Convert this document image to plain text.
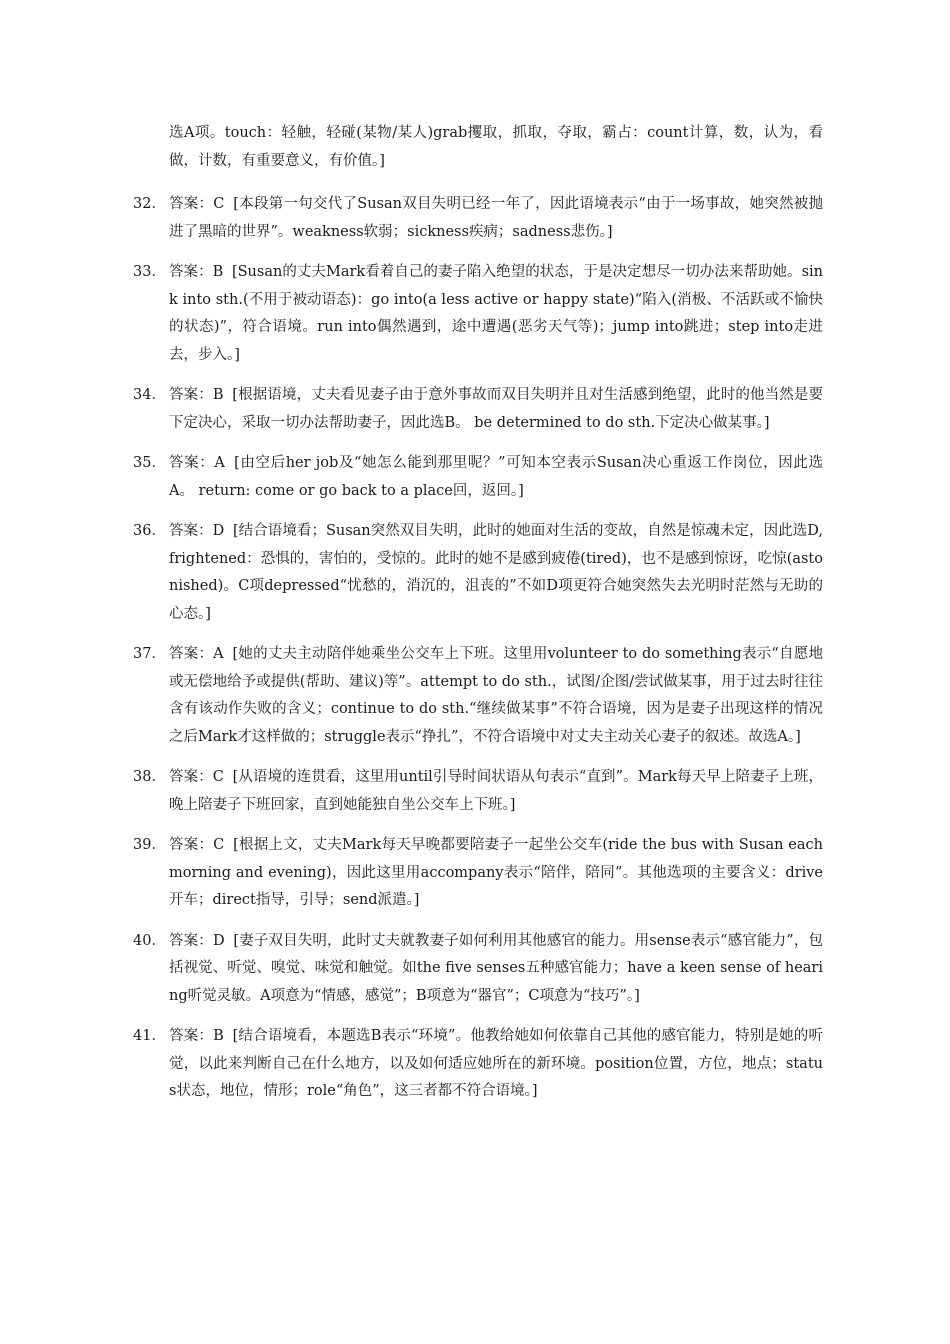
选A项。touch：轻触，轻碰(某物/某人)grab攫取，抓取，夺取，霸占：count计算，数，认为，看做，计数，有重要意义，有价值。]
32． 答案：C [本段第一句交代了Susan双目失明已经一年了，因此语境表示“由于一场事故，她突然被抛进了黑暗的世界”。weakness软弱；sickness疾病；sadness悲伤。]
33． 答案：B [Susan的丈夫Mark看着自己的妻子陷入绝望的状态，于是决定想尽一切办法来帮助她。sink into sth.(不用于被动语态)：go into(a less active or happy state)“陷入(消极、不活跃或不愉快的状态)”，符合语境。run into偶然遇到，途中遭遇(恶劣天气等)；jump into跳进；step into走进去，步入。]
34． 答案：B [根据语境，丈夫看见妻子由于意外事故而双目失明并且对生活感到绝望，此时的他当然是要下定决心，采取一切办法帮助妻子，因此选B。 be determined to do sth.下定决心做某事。]
35． 答案：A [由空后her job及“她怎么能到那里呢？”可知本空表示Susan决心重返工作岗位，因此选A。 return: come or go back to a place回，返回。]
36． 答案：D [结合语境看；Susan突然双目失明，此时的她面对生活的变故，自然是惊魂未定，因此选D, frightened：恐惧的，害怕的，受惊的。此时的她不是感到疲倦(tired)，也不是感到惊讶，吃惊(astonished)。C项depressed“忧愁的，消沉的，沮丧的”不如D项更符合她突然失去光明时茫然与无助的心态。]
37． 答案：A [她的丈夫主动陪伴她乘坐公交车上下班。这里用volunteer to do something表示“自愿地或无偿地给予或提供(帮助、建议)等”。attempt to do sth.，试图/企图/尝试做某事，用于过去时往往含有该动作失败的含义；continue to do sth.“继续做某事”不符合语境，因为是妻子出现这样的情况之后Mark才这样做的；struggle表示“挣扎”，不符合语境中对丈夫主动关心妻子的叙述。故选A。]
38． 答案：C [从语境的连贯看，这里用until引导时间状语从句表示“直到”。Mark每天早上陪妻子上班，晚上陪妻子下班回家，直到她能独自坐公交车上下班。]
39． 答案：C [根据上文，丈夫Mark每天早晚都要陪妻子一起坐公交车(ride the bus with Susan each morning and evening)，因此这里用accompany表示“陪伴，陪同”。其他选项的主要含义：drive开车；direct指导，引导；send派遣。]
40． 答案：D [妻子双目失明，此时丈夫就教妻子如何利用其他感官的能力。用sense表示“感官能力”，包括视觉、听觉、嗅觉、味觉和触觉。如the five senses五种感官能力；have a keen sense of hearing听觉灵敏。A项意为“情感，感觉”；B项意为“器官”；C项意为“技巧”。]
41． 答案：B [结合语境看，本题选B表示“环境”。他教给她如何依靠自己其他的感官能力，特别是她的听觉，以此来判断自己在什么地方，以及如何适应她所在的新环境。position位置，方位，地点；status状态，地位，情形；role“角色”，这三者都不符合语境。]
